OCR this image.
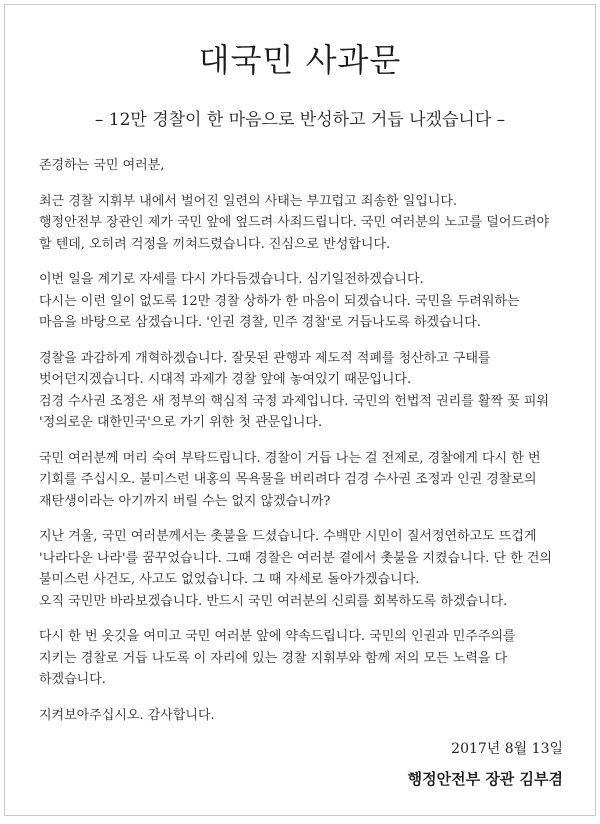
대국민 사과문
– 12만 경찰이 한 마음으로 반성하고 거듭 나겠습니다 –

존경하는 국민 여러분,

최근 경찰 지휘부 내에서 벌어진 일련의 사태는 부끄럽고 죄송한 일입니다.
행정안전부 장관인 제가 국민 앞에 엎드려 사죄드립니다. 국민 여러분의 노고를 덜어드려야
할 텐데, 오히려 걱정을 끼쳐드렸습니다. 진심으로 반성합니다.

이번 일을 계기로 자세를 다시 가다듬겠습니다. 심기일전하겠습니다.
다시는 이런 일이 없도록 12만 경찰 상하가 한 마음이 되겠습니다. 국민을 두려워하는
마음을 바탕으로 삼겠습니다. '인권 경찰, 민주 경찰'로 거듭나도록 하겠습니다.

경찰을 과감하게 개혁하겠습니다. 잘못된 관행과 제도적 적폐를 청산하고 구태를
벗어던지겠습니다. 시대적 과제가 경찰 앞에 놓여있기 때문입니다.
검경 수사권 조정은 새 정부의 핵심적 국정 과제입니다. 국민의 헌법적 권리를 활짝 꽃 피워
'정의로운 대한민국'으로 가기 위한 첫 관문입니다.

국민 여러분께 머리 숙여 부탁드립니다. 경찰이 거듭 나는 걸 전제로, 경찰에게 다시 한 번
기회를 주십시오. 불미스런 내홍의 목욕물을 버리려다 검경 수사권 조정과 인권 경찰로의
재탄생이라는 아기까지 버릴 수는 없지 않겠습니까?

지난 겨울, 국민 여러분께서는 촛불을 드셨습니다. 수백만 시민이 질서정연하고도 뜨겁게
'나라다운 나라'를 꿈꾸었습니다. 그때 경찰은 여러분 곁에서 촛불을 지켰습니다. 단 한 건의
불미스런 사건도, 사고도 없었습니다. 그 때 자세로 돌아가겠습니다.
오직 국민만 바라보겠습니다. 반드시 국민 여러분의 신뢰를 회복하도록 하겠습니다.

다시 한 번 옷깃을 여미고 국민 여러분 앞에 약속드립니다. 국민의 인권과 민주주의를
지키는 경찰로 거듭 나도록 이 자리에 있는 경찰 지휘부와 함께 저의 모든 노력을 다
하겠습니다.

지켜보아주십시오. 감사합니다.

2017년 8월 13일
행정안전부 장관 김부겸
